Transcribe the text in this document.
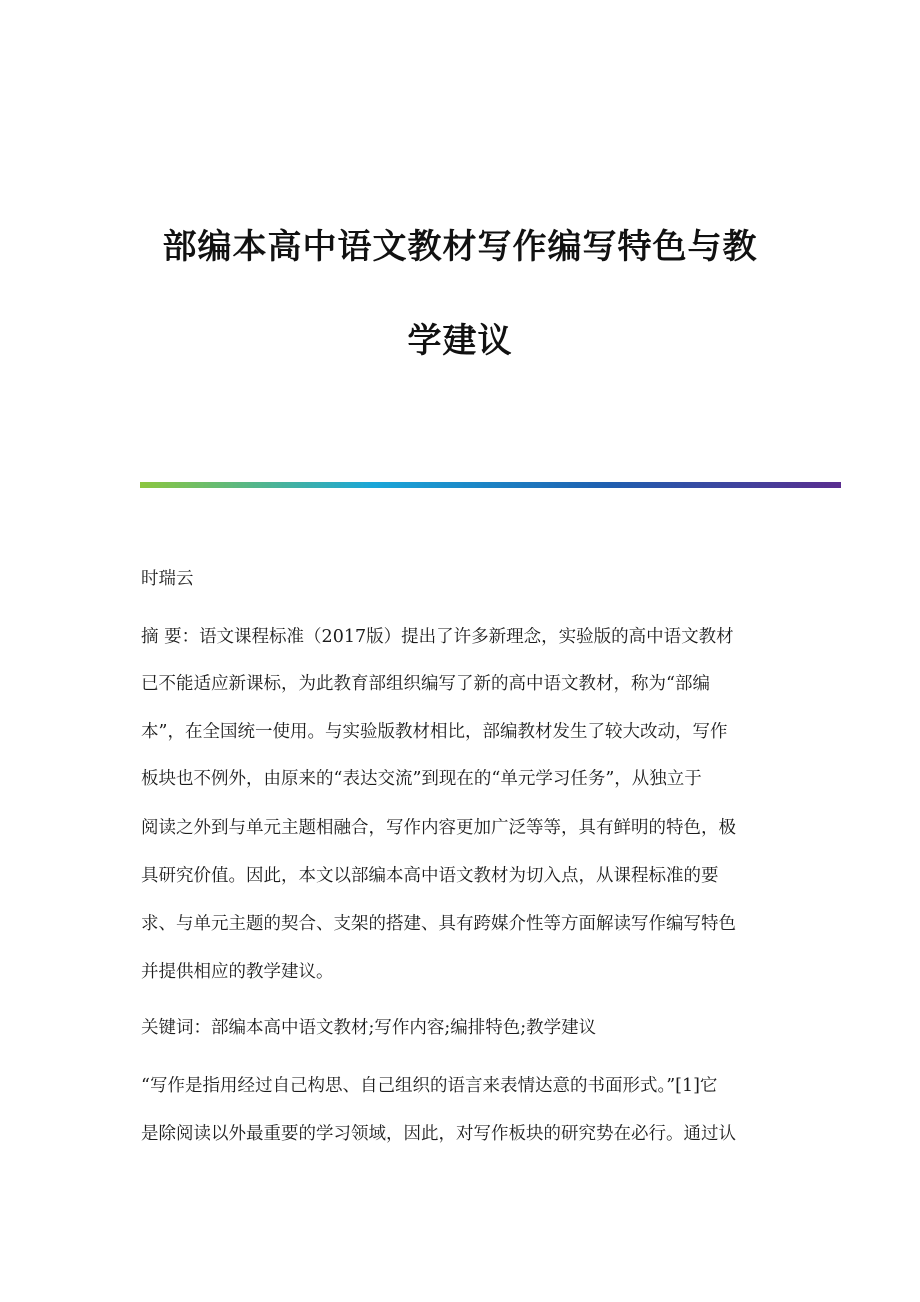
部编本高中语文教材写作编写特色与教
学建议
时瑞云
摘 要：语文课程标准（2017版）提出了许多新理念，实验版的高中语文教材
已不能适应新课标，为此教育部组织编写了新的高中语文教材，称为“部编
本”，在全国统一使用。与实验版教材相比，部编教材发生了较大改动，写作
板块也不例外，由原来的“表达交流”到现在的“单元学习任务”，从独立于
阅读之外到与单元主题相融合，写作内容更加广泛等等，具有鲜明的特色，极
具研究价值。因此，本文以部编本高中语文教材为切入点，从课程标准的要
求、与单元主题的契合、支架的搭建、具有跨媒介性等方面解读写作编写特色
并提供相应的教学建议。
关键词：部编本高中语文教材;写作内容;编排特色;教学建议
“写作是指用经过自己构思、自己组织的语言来表情达意的书面形式。”[1]它
是除阅读以外最重要的学习领域，因此，对写作板块的研究势在必行。通过认
